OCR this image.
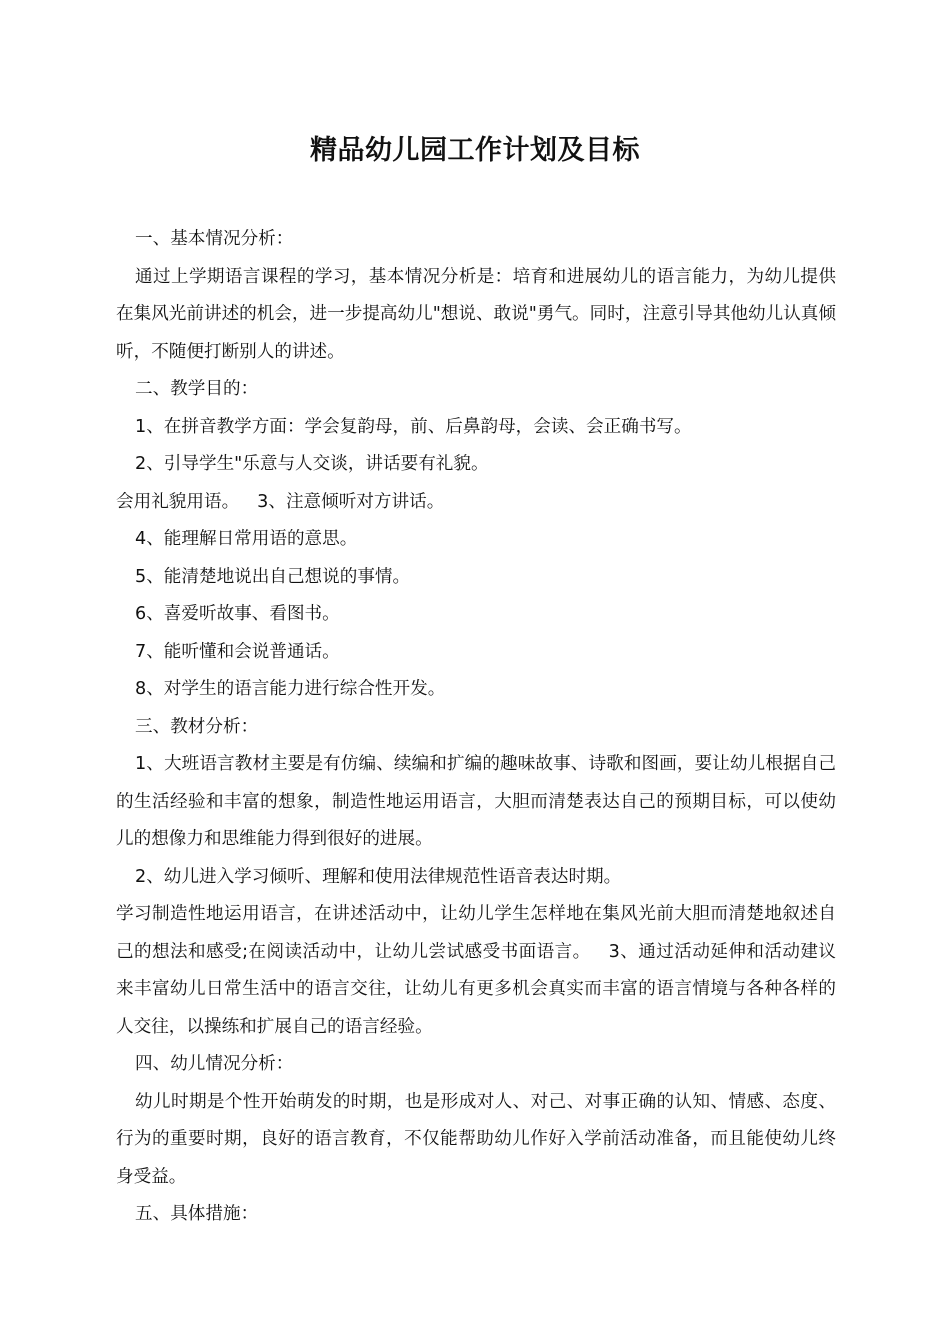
精品幼儿园工作计划及目标

一、基本情况分析：

通过上学期语言课程的学习，基本情况分析是：培育和进展幼儿的语言能力，为幼儿提供在集风光前讲述的机会，进一步提高幼儿"想说、敢说"勇气。同时，注意引导其他幼儿认真倾听，不随便打断别人的讲述。

二、教学目的：

1、在拼音教学方面：学会复韵母，前、后鼻韵母，会读、会正确书写。

2、引导学生"乐意与人交谈，讲话要有礼貌。

会用礼貌用语。 3、注意倾听对方讲话。

4、能理解日常用语的意思。

5、能清楚地说出自己想说的事情。

6、喜爱听故事、看图书。

7、能听懂和会说普通话。

8、对学生的语言能力进行综合性开发。

三、教材分析：

1、大班语言教材主要是有仿编、续编和扩编的趣味故事、诗歌和图画，要让幼儿根据自己的生活经验和丰富的想象，制造性地运用语言，大胆而清楚表达自己的预期目标，可以使幼儿的想像力和思维能力得到很好的进展。

2、幼儿进入学习倾听、理解和使用法律规范性语音表达时期。

学习制造性地运用语言，在讲述活动中，让幼儿学生怎样地在集风光前大胆而清楚地叙述自己的想法和感受;在阅读活动中，让幼儿尝试感受书面语言。 3、通过活动延伸和活动建议来丰富幼儿日常生活中的语言交往，让幼儿有更多机会真实而丰富的语言情境与各种各样的人交往，以操练和扩展自己的语言经验。

四、幼儿情况分析：

幼儿时期是个性开始萌发的时期，也是形成对人、对己、对事正确的认知、情感、态度、行为的重要时期，良好的语言教育，不仅能帮助幼儿作好入学前活动准备，而且能使幼儿终身受益。

五、具体措施：
